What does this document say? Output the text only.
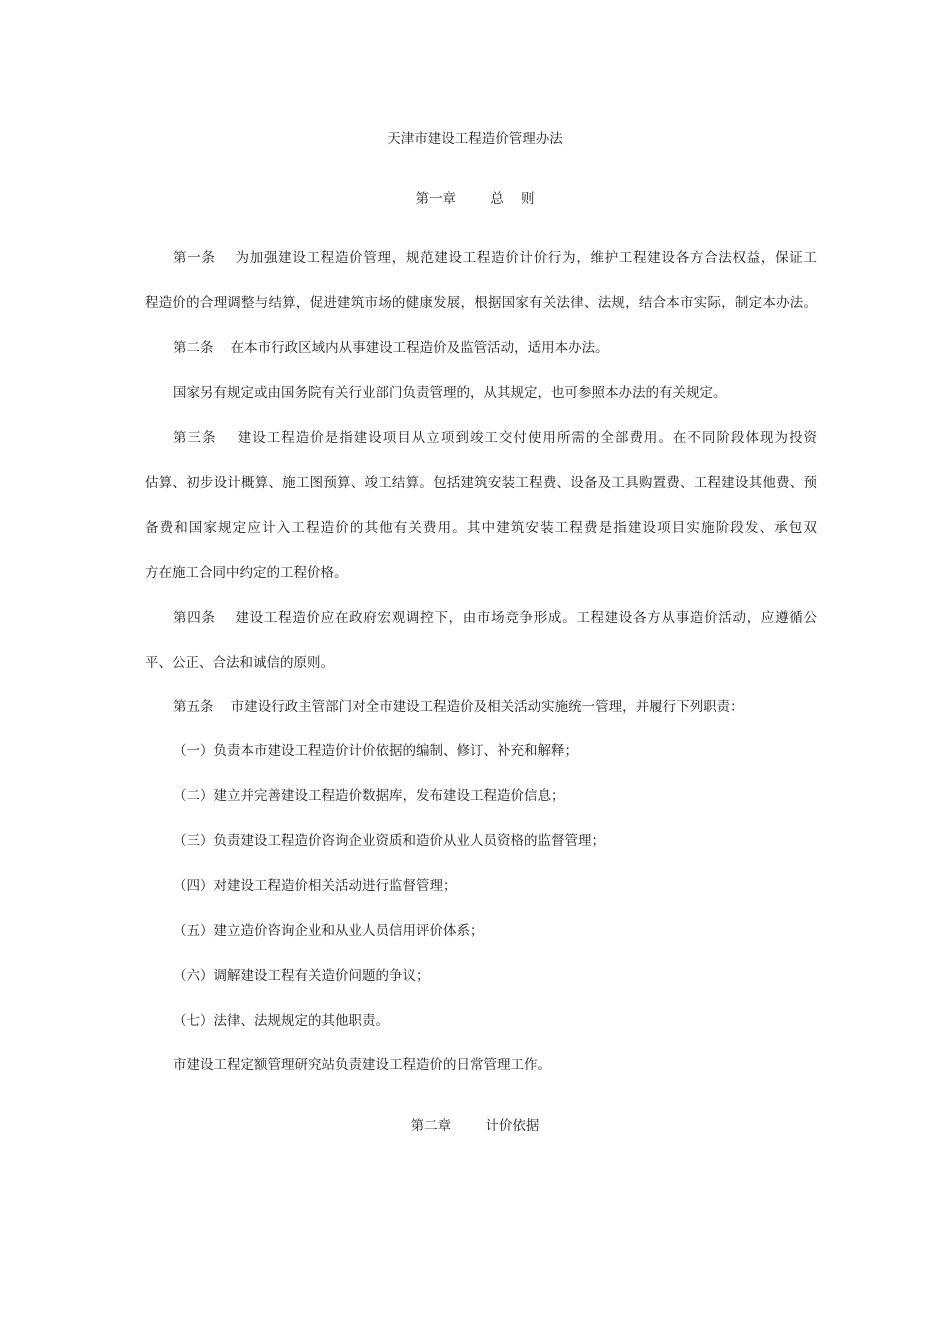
天津市建设工程造价管理办法
第一章        总    则
第一条    为加强建设工程造价管理，规范建设工程造价计价行为，维护工程建设各方合法权益，保证工
程造价的合理调整与结算，促进建筑市场的健康发展，根据国家有关法律、法规，结合本市实际，制定本办法。
第二条    在本市行政区域内从事建设工程造价及监管活动，适用本办法。
国家另有规定或由国务院有关行业部门负责管理的，从其规定，也可参照本办法的有关规定。
第三条    建设工程造价是指建设项目从立项到竣工交付使用所需的全部费用。在不同阶段体现为投资
估算、初步设计概算、施工图预算、竣工结算。包括建筑安装工程费、设备及工具购置费、工程建设其他费、预
备费和国家规定应计入工程造价的其他有关费用。其中建筑安装工程费是指建设项目实施阶段发、承包双
方在施工合同中约定的工程价格。
第四条    建设工程造价应在政府宏观调控下，由市场竞争形成。工程建设各方从事造价活动，应遵循公
平、公正、合法和诚信的原则。
第五条    市建设行政主管部门对全市建设工程造价及相关活动实施统一管理，并履行下列职责：
（一）负责本市建设工程造价计价依据的编制、修订、补充和解释；
（二）建立并完善建设工程造价数据库，发布建设工程造价信息；
（三）负责建设工程造价咨询企业资质和造价从业人员资格的监督管理；
（四）对建设工程造价相关活动进行监督管理；
（五）建立造价咨询企业和从业人员信用评价体系；
（六）调解建设工程有关造价问题的争议；
（七）法律、法规规定的其他职责。
市建设工程定额管理研究站负责建设工程造价的日常管理工作。
第二章        计价依据
